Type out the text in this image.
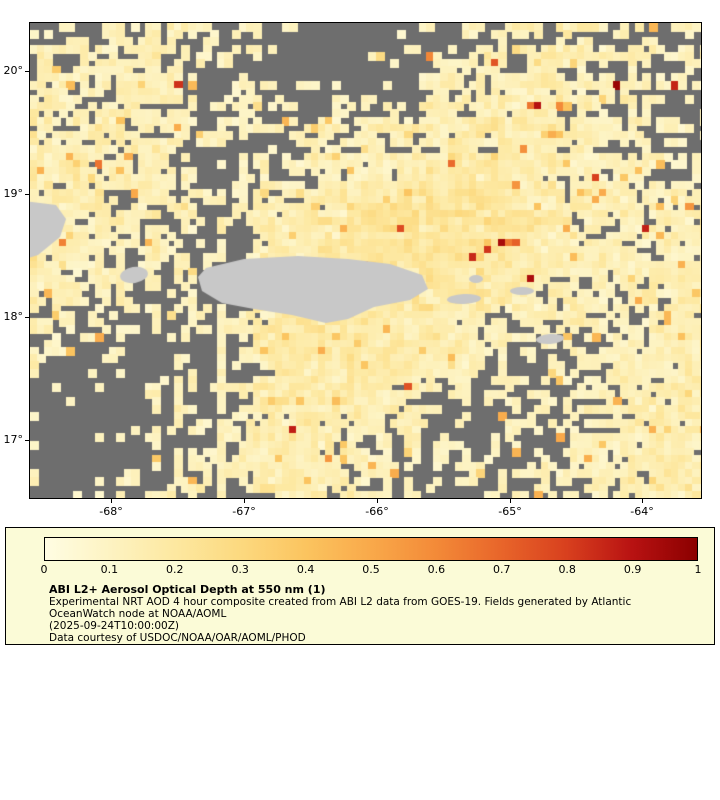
20°
19°
18°
17°
-68°	-67°	-66°	-65°	-64°
0	0.1	0.2	0.3	0.4	0.5	0.6	0.7	0.8	0.9	1
ABI L2+ Aerosol Optical Depth at 550 nm (1)
Experimental NRT AOD 4 hour composite created from ABI L2 data from GOES-19. Fields generated by Atlantic
OceanWatch node at NOAA/AOML
(2025-09-24T10:00:00Z)
Data courtesy of USDOC/NOAA/OAR/AOML/PHOD
